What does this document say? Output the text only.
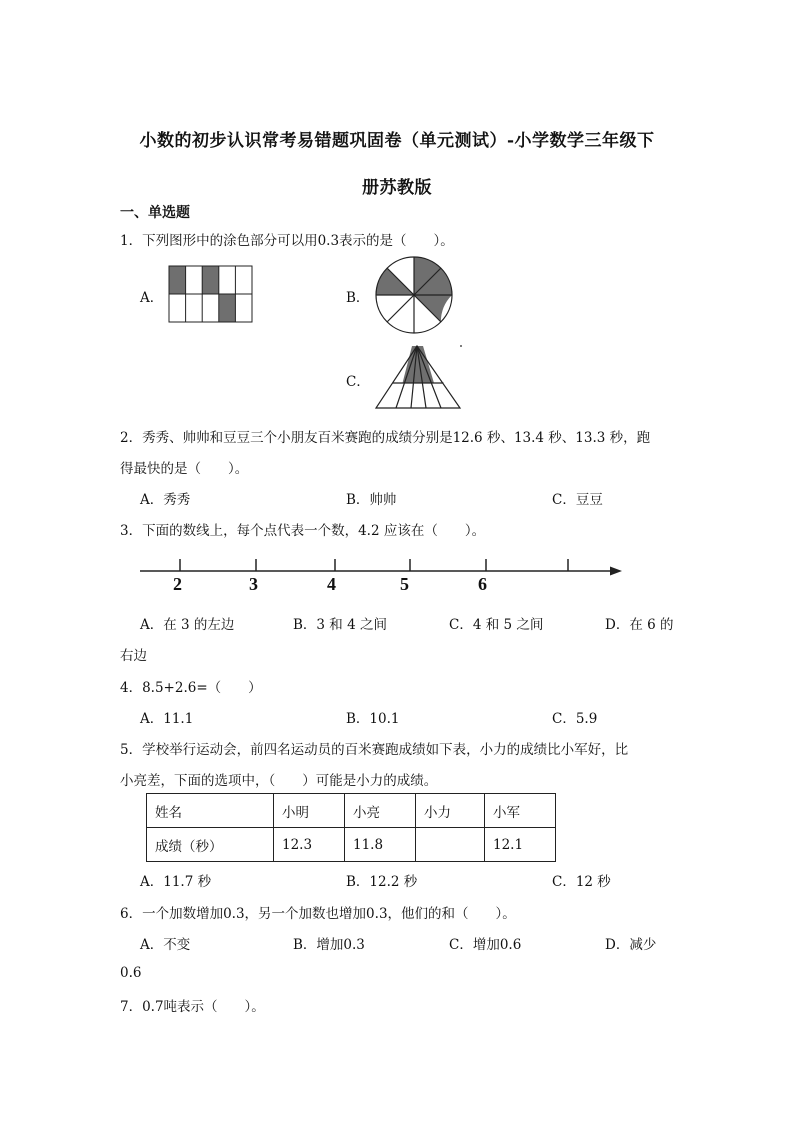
小数的初步认识常考易错题巩固卷（单元测试）-小学数学三年级下
册苏教版
一、单选题
1．下列图形中的涂色部分可以用0.3表示的是（　　）。
A．	B．
C．
2．秀秀、帅帅和豆豆三个小朋友百米赛跑的成绩分别是12.6 秒、13.4 秒、13.3 秒，跑
得最快的是（　　）。
A．秀秀	B．帅帅	C．豆豆
3．下面的数线上，每个点代表一个数，4.2 应该在（　　）。
2	3	4	5	6
A．在 3 的左边	B．3 和 4 之间	C．4 和 5 之间	D．在 6 的
右边
4．8.5+2.6=（　　）
A．11.1	B．10.1	C．5.9
5．学校举行运动会，前四名运动员的百米赛跑成绩如下表，小力的成绩比小军好，比
小亮差，下面的选项中，（　　）可能是小力的成绩。
姓名	小明	小亮	小力	小军
成绩（秒）	12.3	11.8		12.1
A．11.7 秒	B．12.2 秒	C．12 秒
6．一个加数增加0.3，另一个加数也增加0.3，他们的和（　　）。
A．不变	B．增加0.3	C．增加0.6	D．减少
0.6
7．0.7吨表示（　　）。
